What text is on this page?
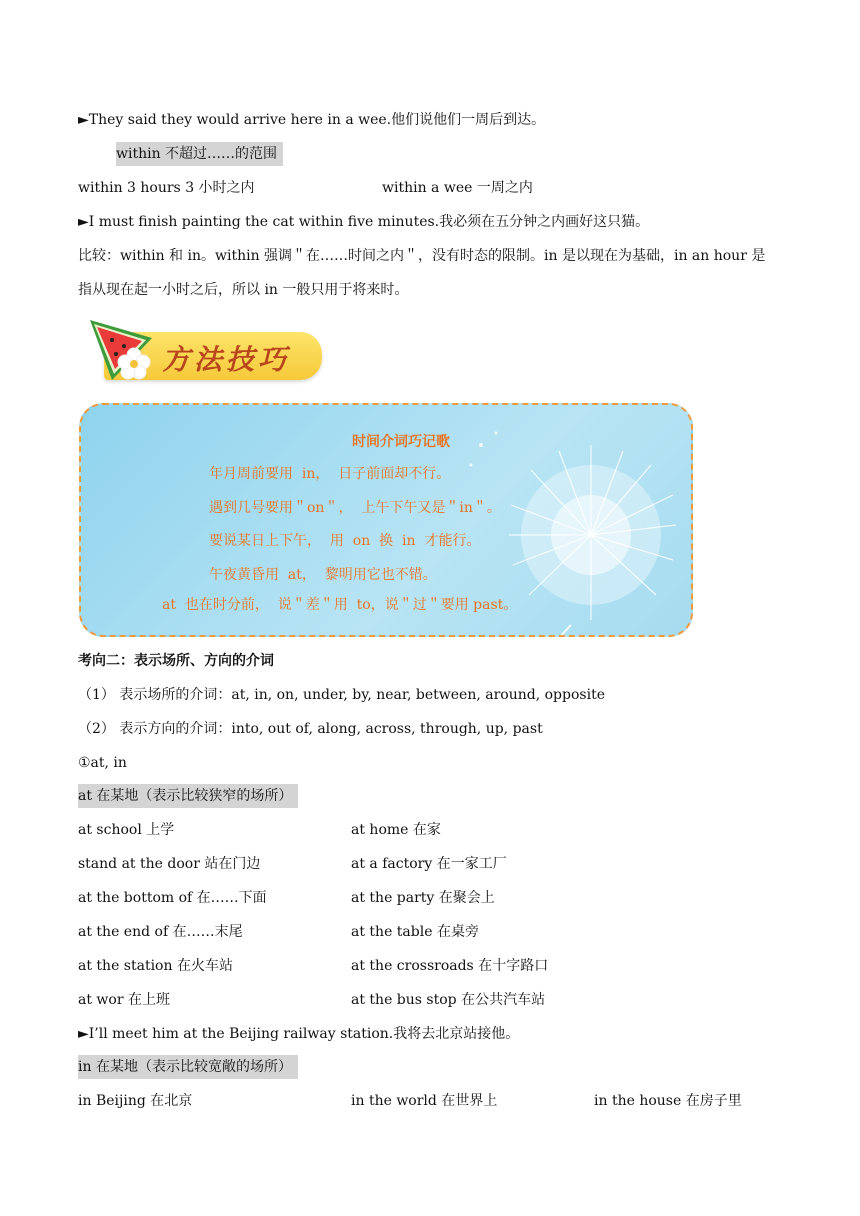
►They said they would arrive here in a wee.他们说他们一周后到达。
within 不超过……的范围
within 3 hours 3 小时之内	within a wee 一周之内
►I must finish painting the cat within five minutes.我必须在五分钟之内画好这只猫。
比较：within 和 in。within 强调＂在……时间之内＂，没有时态的限制。in 是以现在为基础，in an hour 是
指从现在起一小时之后，所以 in 一般只用于将来时。
方法技巧
时间介词巧记歌
年月周前要用  in，  日子前面却不行。
遇到几号要用＂on＂，  上午下午又是＂in＂。
要说某日上下午，  用  on  换  in  才能行。
午夜黄昏用  at，  黎明用它也不错。
at  也在时分前，  说＂差＂用  to，说＂过＂要用 past。
考向二：表示场所、方向的介词
（1） 表示场所的介词：at, in, on, under, by, near, between, around, opposite
（2） 表示方向的介词：into, out of, along, across, through, up, past
①at, in
at 在某地（表示比较狭窄的场所）
at school 上学	at home 在家
stand at the door 站在门边	at a factory 在一家工厂
at the bottom of 在……下面	at the party 在聚会上
at the end of 在……末尾	at the table 在桌旁
at the station 在火车站	at the crossroads 在十字路口
at wor 在上班	at the bus stop 在公共汽车站
►I’ll meet him at the Beijing railway station.我将去北京站接他。
in 在某地（表示比较宽敞的场所）
in Beijing 在北京	in the world 在世界上	in the house 在房子里
